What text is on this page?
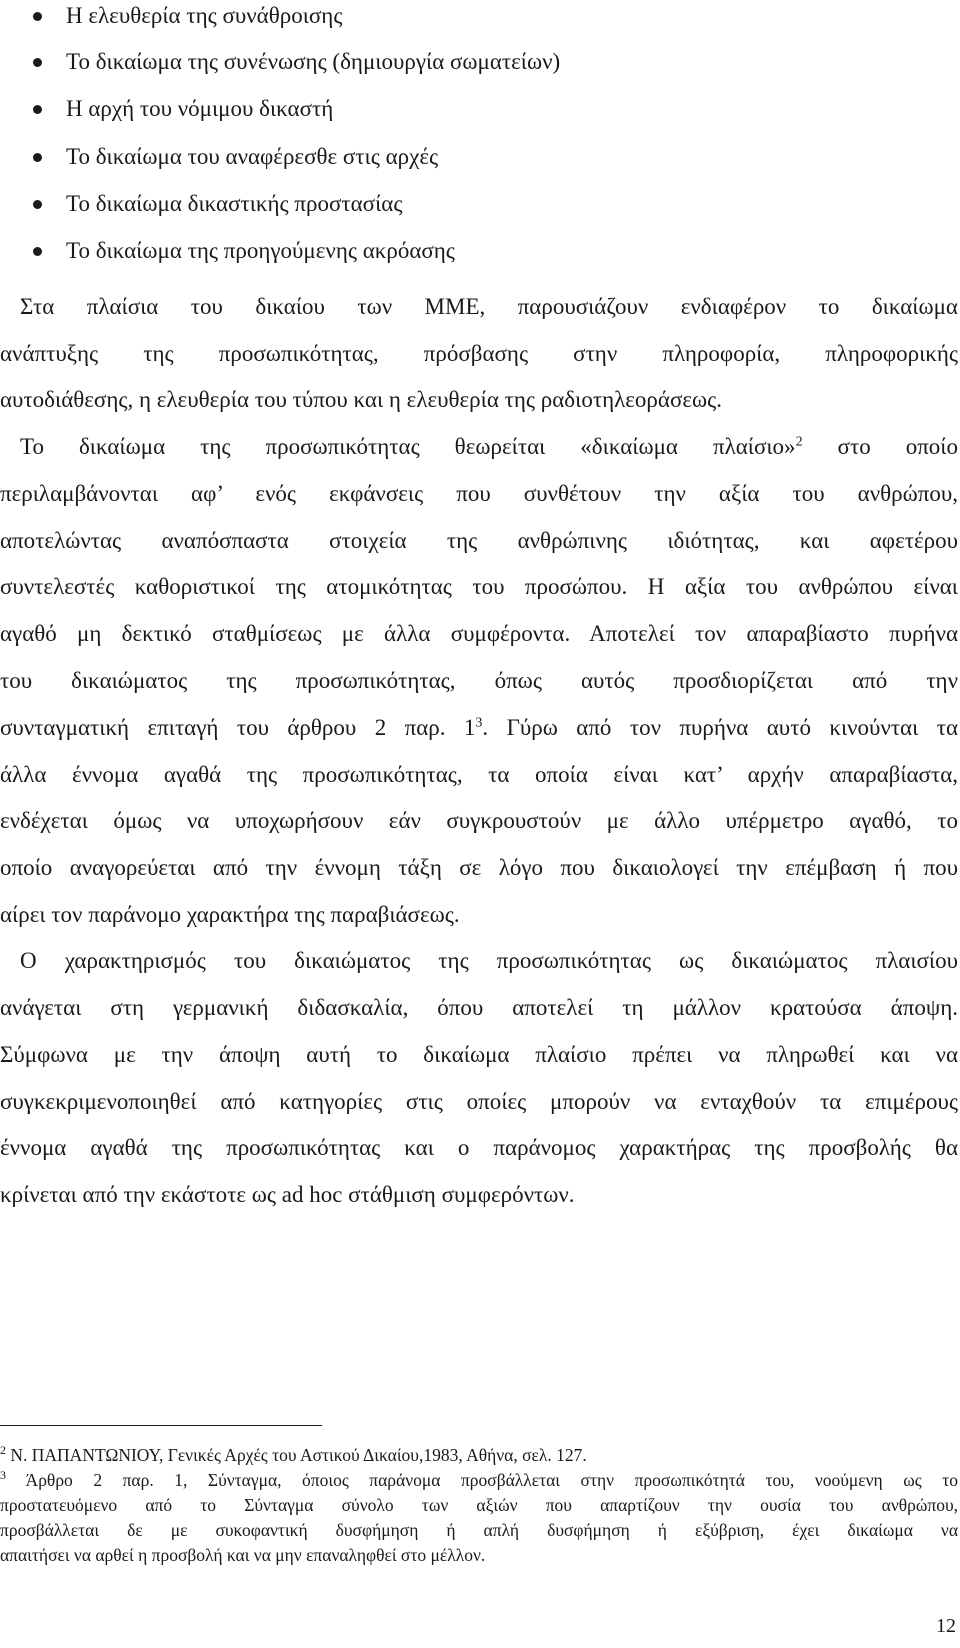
Η ελευθερία της συνάθροισης
Το δικαίωμα της συνένωσης (δημιουργία σωματείων)
Η αρχή του νόμιμου δικαστή
Το δικαίωμα του αναφέρεσθε στις αρχές
Το δικαίωμα δικαστικής προστασίας
Το δικαίωμα της προηγούμενης ακρόασης
Στα πλαίσια του δικαίου των ΜΜΕ, παρουσιάζουν ενδιαφέρον το δικαίωμα
ανάπτυξης της προσωπικότητας, πρόσβασης στην πληροφορία, πληροφορικής
αυτοδιάθεσης, η ελευθερία του τύπου και η ελευθερία της ραδιοτηλεοράσεως.
Το δικαίωμα της προσωπικότητας θεωρείται «δικαίωμα πλαίσιο»$^2$ στο οποίο
περιλαμβάνονται αφ’ ενός εκφάνσεις που συνθέτουν την αξία του ανθρώπου,
αποτελώντας αναπόσπαστα στοιχεία της ανθρώπινης ιδιότητας, και αφετέρου
συντελεστές καθοριστικοί της ατομικότητας του προσώπου. Η αξία του ανθρώπου είναι
αγαθό μη δεκτικό σταθμίσεως με άλλα συμφέροντα. Αποτελεί τον απαραβίαστο πυρήνα
του δικαιώματος της προσωπικότητας, όπως αυτός προσδιορίζεται από την
συνταγματική επιταγή του άρθρου 2 παρ. $1^3$. Γύρω από τον πυρήνα αυτό κινούνται τα
άλλα έννομα αγαθά της προσωπικότητας, τα οποία είναι κατ’ αρχήν απαραβίαστα,
ενδέχεται όμως να υποχωρήσουν εάν συγκρουστούν με άλλο υπέρμετρο αγαθό, το
οποίο αναγορεύεται από την έννομη τάξη σε λόγο που δικαιολογεί την επέμβαση ή που
αίρει τον παράνομο χαρακτήρα της παραβιάσεως.
Ο χαρακτηρισμός του δικαιώματος της προσωπικότητας ως δικαιώματος πλαισίου
ανάγεται στη γερμανική διδασκαλία, όπου αποτελεί τη μάλλον κρατούσα άποψη.
Σύμφωνα με την άποψη αυτή το δικαίωμα πλαίσιο πρέπει να πληρωθεί και να
συγκεκριμενοποιηθεί από κατηγορίες στις οποίες μπορούν να ενταχθούν τα επιμέρους
έννομα αγαθά της προσωπικότητας και ο παράνομος χαρακτήρας της προσβολής θα
κρίνεται από την εκάστοτε ως ad hoc στάθμιση συμφερόντων.
$^2$ Ν. ΠΑΠΑΝΤΩΝΙΟΥ, Γενικές Αρχές του Αστικού Δικαίου,1983, Αθήνα, σελ. 127.
$^3$ Άρθρο 2 παρ. 1, Σύνταγμα, όποιος παράνομα προσβάλλεται στην προσωπικότητά του, νοούμενη ως το
προστατευόμενο από το Σύνταγμα σύνολο των αξιών που απαρτίζουν την ουσία του ανθρώπου,
προσβάλλεται δε με συκοφαντική δυσφήμηση ή απλή δυσφήμηση ή εξύβριση, έχει δικαίωμα να
απαιτήσει να αρθεί η προσβολή και να μην επαναληφθεί στο μέλλον.
12
